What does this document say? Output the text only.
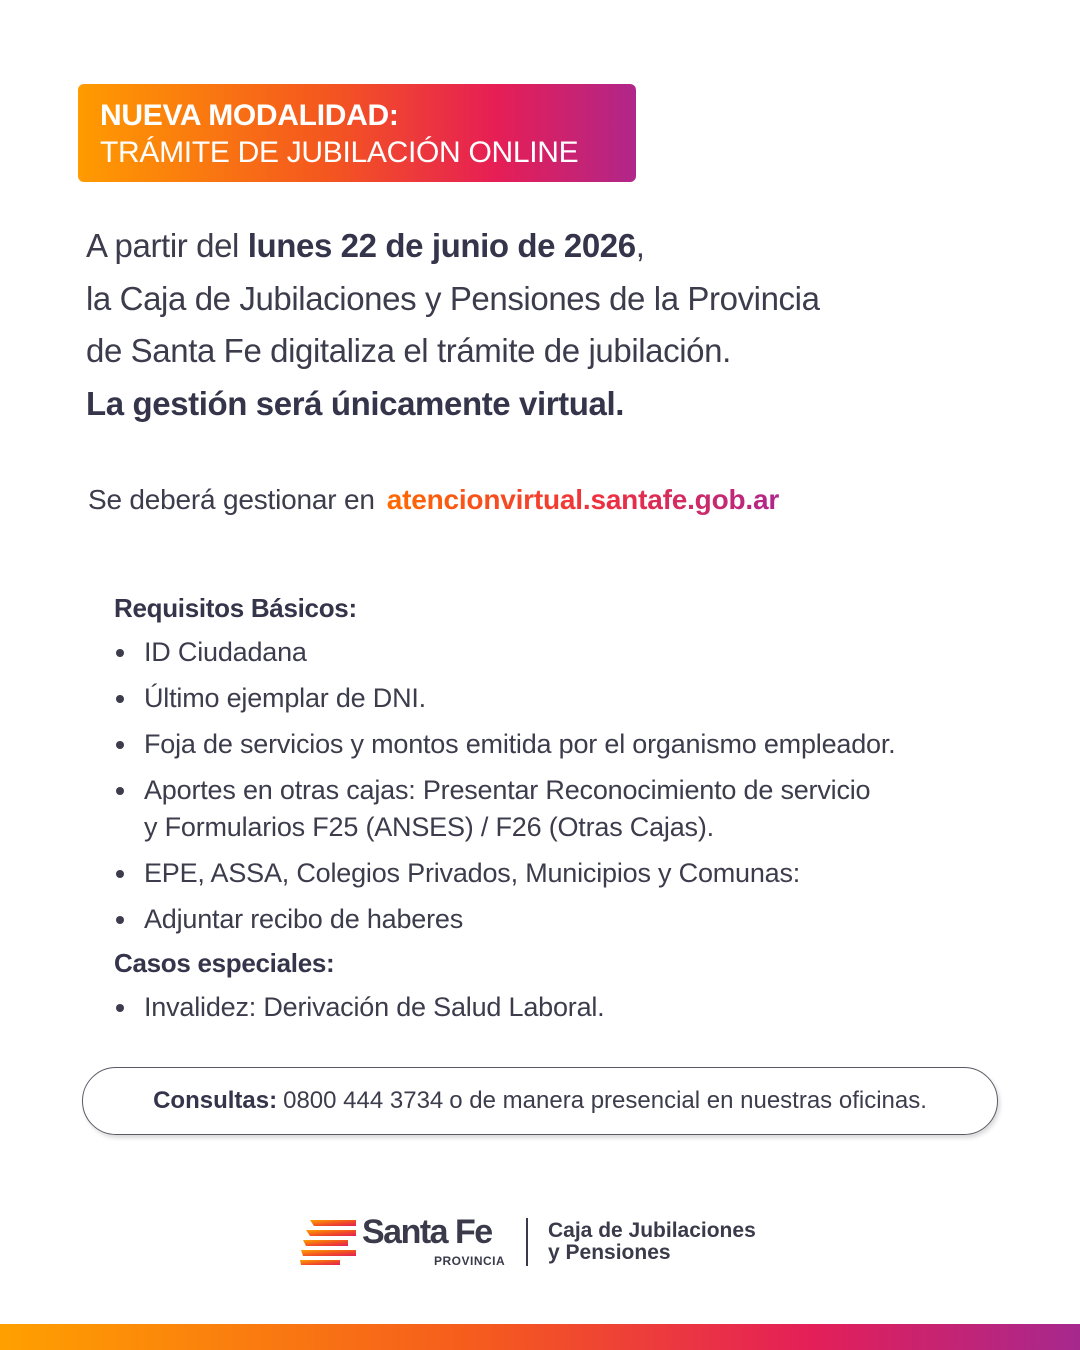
NUEVA MODALIDAD:
TRÁMITE DE JUBILACIÓN ONLINE
A partir del lunes 22 de junio de 2026,
la Caja de Jubilaciones y Pensiones de la Provincia
de Santa Fe digitaliza el trámite de jubilación.
La gestión será únicamente virtual.
Se deberá gestionar en atencionvirtual.santafe.gob.ar
Requisitos Básicos:
ID Ciudadana
Último ejemplar de DNI.
Foja de servicios y montos emitida por el organismo empleador.
Aportes en otras cajas: Presentar Reconocimiento de servicio
y Formularios F25 (ANSES) / F26 (Otras Cajas).
EPE, ASSA, Colegios Privados, Municipios y Comunas:
Adjuntar recibo de haberes
Casos especiales:
Invalidez: Derivación de Salud Laboral.
Consultas: 0800 444 3734 o de manera presencial en nuestras oficinas.
Santa Fe
PROVINCIA
Caja de Jubilaciones
y Pensiones
